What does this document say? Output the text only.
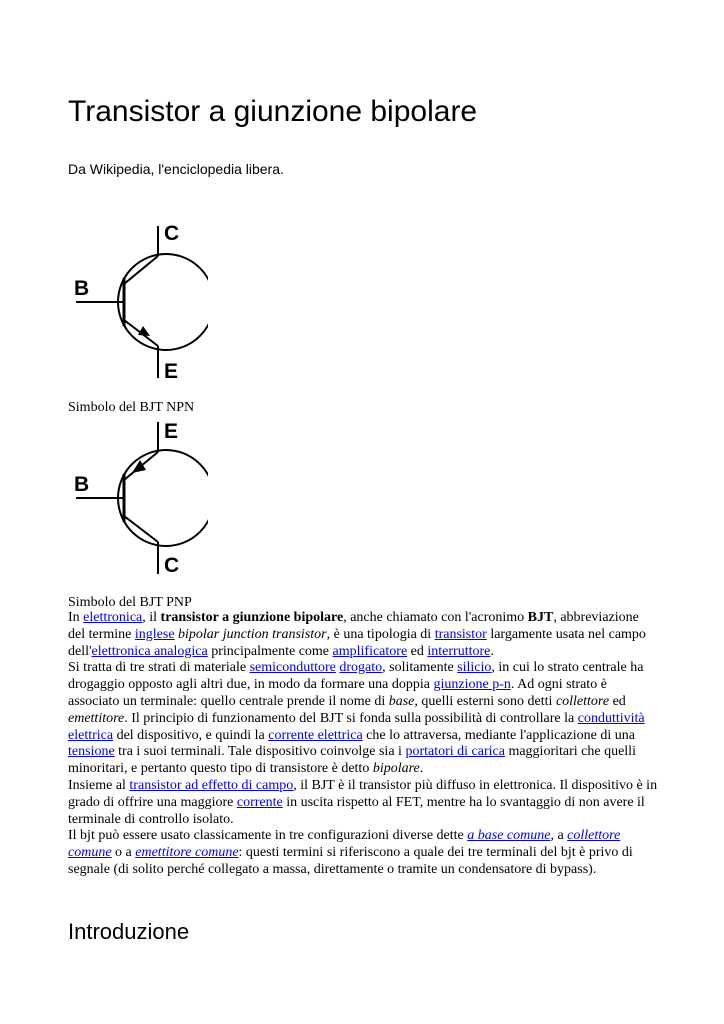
Transistor a giunzione bipolare
Da Wikipedia, l'enciclopedia libera.
C
B
E
Simbolo del BJT NPN
E
B
C
Simbolo del BJT PNP

In elettronica, il transistor a giunzione bipolare, anche chiamato con l'acronimo BJT, abbreviazione del termine inglese bipolar junction transistor, è una tipologia di transistor largamente usata nel campo dell'elettronica analogica principalmente come amplificatore ed interruttore.

Si tratta di tre strati di materiale semiconduttore drogato, solitamente silicio, in cui lo strato centrale ha drogaggio opposto agli altri due, in modo da formare una doppia giunzione p-n. Ad ogni strato è associato un terminale: quello centrale prende il nome di base, quelli esterni sono detti collettore ed emettitore. Il principio di funzionamento del BJT si fonda sulla possibilità di controllare la conduttività elettrica del dispositivo, e quindi la corrente elettrica che lo attraversa, mediante l'applicazione di una tensione tra i suoi terminali. Tale dispositivo coinvolge sia i portatori di carica maggioritari che quelli minoritari, e pertanto questo tipo di transistore è detto bipolare.

Insieme al transistor ad effetto di campo, il BJT è il transistor più diffuso in elettronica. Il dispositivo è in grado di offrire una maggiore corrente in uscita rispetto al FET, mentre ha lo svantaggio di non avere il terminale di controllo isolato.

Il bjt può essere usato classicamente in tre configurazioni diverse dette a base comune, a collettore comune o a emettitore comune: questi termini si riferiscono a quale dei tre terminali del bjt è privo di segnale (di solito perché collegato a massa, direttamente o tramite un condensatore di bypass).

Introduzione
